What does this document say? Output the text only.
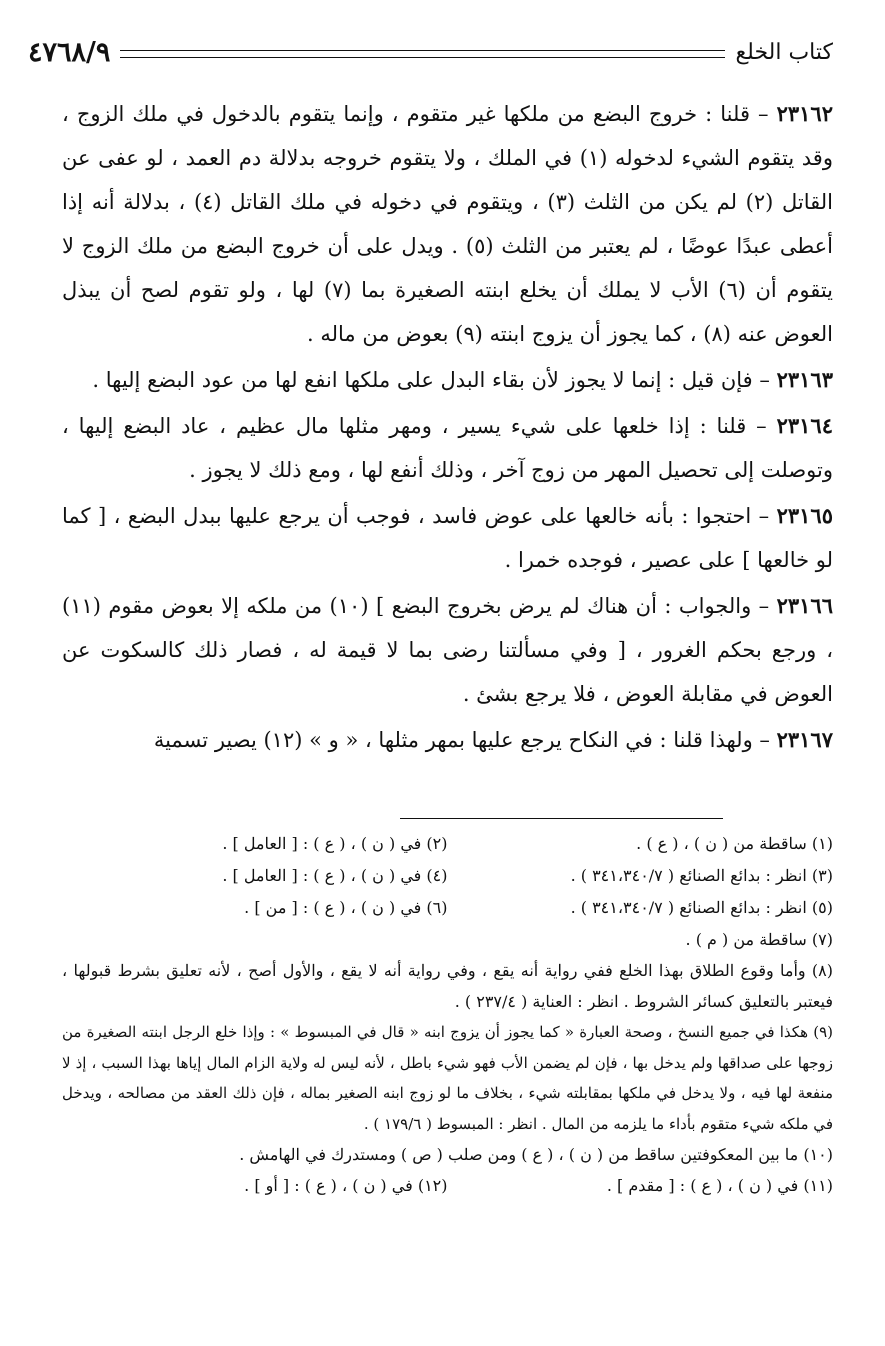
كتاب الخلع
٤٧٦٨/٩

٢٣١٦٢ – قلنا : خروج البضع من ملكها غير متقوم ، وإنما يتقوم بالدخول في ملك الزوج ، وقد يتقوم الشيء لدخوله (١) في الملك ، ولا يتقوم خروجه بدلالة دم العمد ، لو عفى عن القاتل (٢) لم يكن من الثلث (٣) ، ويتقوم في دخوله في ملك القاتل (٤) ، بدلالة أنه إذا أعطى عبدًا عوضًا ، لم يعتبر من الثلث (٥) . ويدل على أن خروج البضع من ملك الزوج لا يتقوم أن (٦) الأب لا يملك أن يخلع ابنته الصغيرة بما (٧) لها ، ولو تقوم لصح أن يبذل العوض عنه (٨) ، كما يجوز أن يزوج ابنته (٩) بعوض من ماله .

٢٣١٦٣ – فإن قيل : إنما لا يجوز لأن بقاء البدل على ملكها انفع لها من عود البضع إليها .

٢٣١٦٤ – قلنا : إذا خلعها على شيء يسير ، ومهر مثلها مال عظيم ، عاد البضع إليها ، وتوصلت إلى تحصيل المهر من زوج آخر ، وذلك أنفع لها ، ومع ذلك لا يجوز .

٢٣١٦٥ – احتجوا : بأنه خالعها على عوض فاسد ، فوجب أن يرجع عليها ببدل البضع ، [ كما لو خالعها ] على عصير ، فوجده خمرا .

٢٣١٦٦ – والجواب : أن هناك لم يرض بخروج البضع ] (١٠) من ملكه إلا بعوض مقوم (١١) ، ورجع بحكم الغرور ، [ وفي مسألتنا رضى بما لا قيمة له ، فصار ذلك كالسكوت عن العوض في مقابلة العوض ، فلا يرجع بشئ .

٢٣١٦٧ – ولهذا قلنا : في النكاح يرجع عليها بمهر مثلها ، « و » (١٢) يصير تسمية

(١) ساقطة من ( ن ) ، ( ع ) .
(٢) في ( ن ) ، ( ع ) : [ العامل ] .
(٣) انظر : بدائع الصنائع ( ٣٤١،٣٤٠/٧ ) .
(٤) في ( ن ) ، ( ع ) : [ العامل ] .
(٥) انظر : بدائع الصنائع ( ٣٤١،٣٤٠/٧ ) .
(٦) في ( ن ) ، ( ع ) : [ من ] .
(٧) ساقطة من ( م ) .
(٨) وأما وقوع الطلاق بهذا الخلع ففي رواية أنه يقع ، وفي رواية أنه لا يقع ، والأول أصح ، لأنه تعليق بشرط قبولها ، فيعتبر بالتعليق كسائر الشروط . انظر : العناية ( ٢٣٧/٤ ) .
(٩) هكذا في جميع النسخ ، وصحة العبارة « كما يجوز أن يزوج ابنه « قال في المبسوط » : وإذا خلع الرجل ابنته الصغيرة من زوجها على صداقها ولم يدخل بها ، فإن لم يضمن الأب فهو شيء باطل ، لأنه ليس له ولاية الزام المال إياها بهذا السبب ، إذ لا منفعة لها فيه ، ولا يدخل في ملكها بمقابلته شيء ، بخلاف ما لو زوج ابنه الصغير بماله ، فإن ذلك العقد من مصالحه ، ويدخل في ملكه شيء متقوم بأداء ما يلزمه من المال . انظر : المبسوط ( ١٧٩/٦ ) .
(١٠) ما بين المعكوفتين ساقط من ( ن ) ، ( ع ) ومن صلب ( ص ) ومستدرك في الهامش .
(١١) في ( ن ) ، ( ع ) : [ مقدم ] .
(١٢) في ( ن ) ، ( ع ) : [ أو ] .
